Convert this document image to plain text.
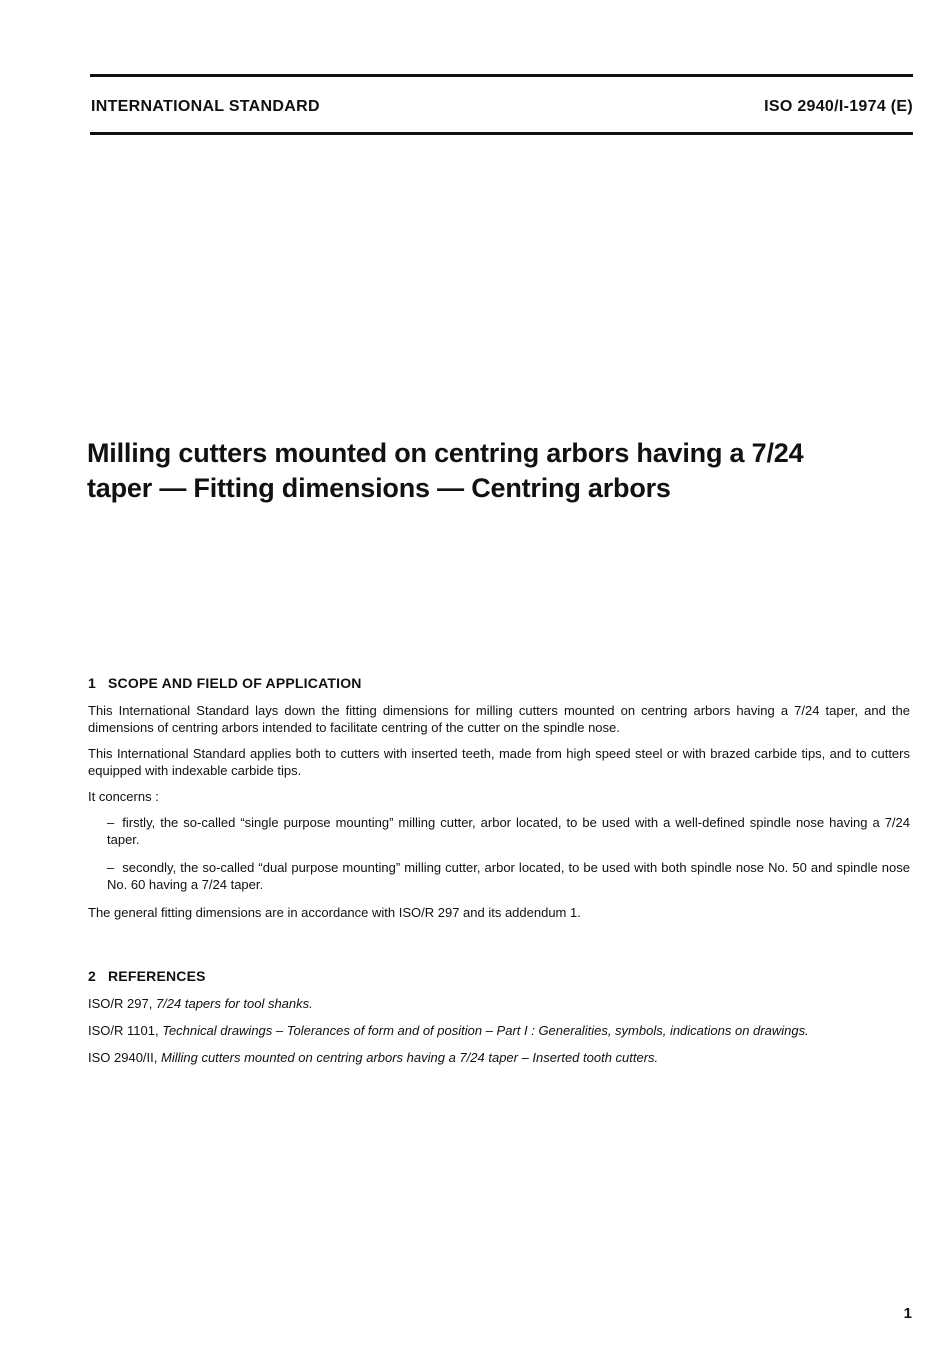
INTERNATIONAL STANDARD	ISO 2940/I-1974 (E)
Milling cutters mounted on centring arbors having a 7/24
taper — Fitting dimensions — Centring arbors
1 SCOPE AND FIELD OF APPLICATION

This International Standard lays down the fitting dimensions for milling cutters mounted on centring arbors having a 7/24 taper, and the dimensions of centring arbors intended to facilitate centring of the cutter on the spindle nose.

This International Standard applies both to cutters with inserted teeth, made from high speed steel or with brazed carbide tips, and to cutters equipped with indexable carbide tips.

It concerns :

– firstly, the so-called “single purpose mounting” milling cutter, arbor located, to be used with a well-defined spindle nose having a 7/24 taper.

– secondly, the so-called “dual purpose mounting” milling cutter, arbor located, to be used with both spindle nose No. 50 and spindle nose No. 60 having a 7/24 taper.

The general fitting dimensions are in accordance with ISO/R 297 and its addendum 1.

2 REFERENCES

ISO/R 297, 7/24 tapers for tool shanks.

ISO/R 1101, Technical drawings – Tolerances of form and of position – Part I : Generalities, symbols, indications on drawings.

ISO 2940/II, Milling cutters mounted on centring arbors having a 7/24 taper – Inserted tooth cutters.

1
